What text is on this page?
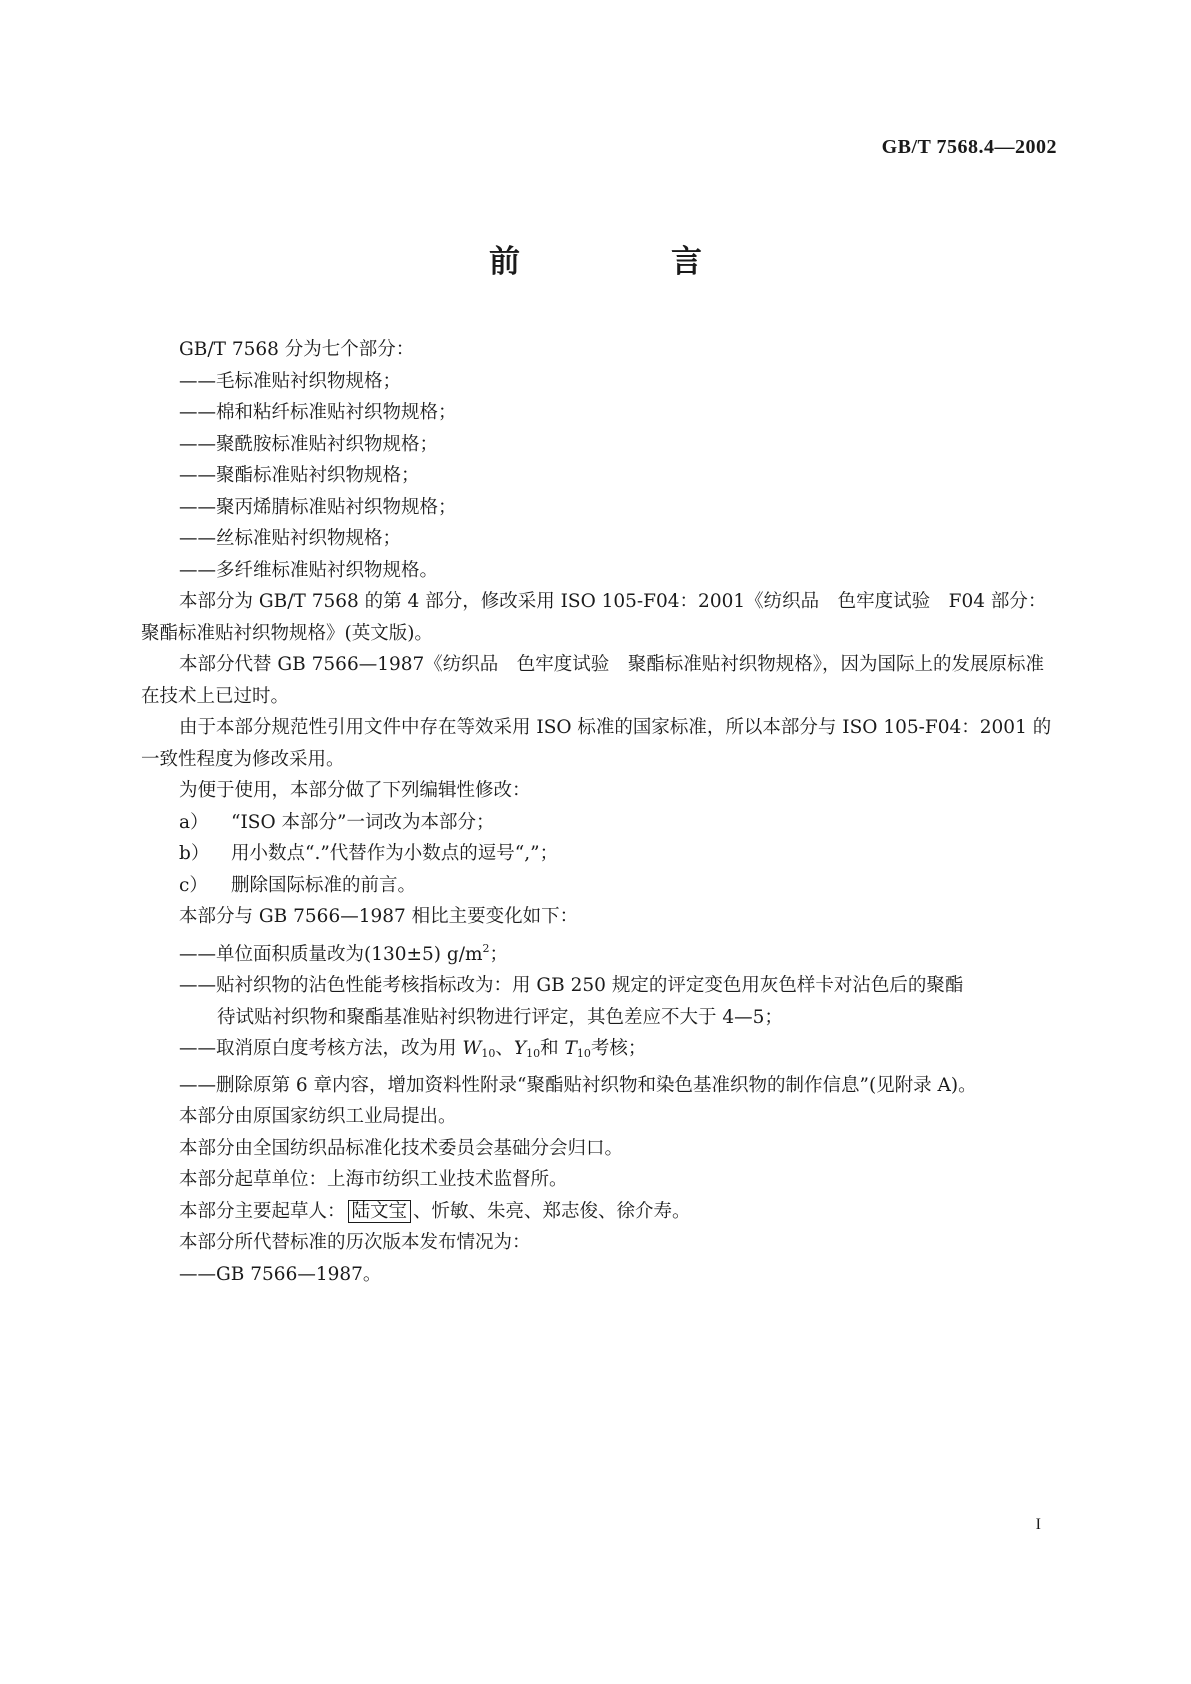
GB/T 7568.4—2002
前　言

GB/T 7568 分为七个部分：

——毛标准贴衬织物规格；

——棉和粘纤标准贴衬织物规格；

——聚酰胺标准贴衬织物规格；

——聚酯标准贴衬织物规格；

——聚丙烯腈标准贴衬织物规格；

——丝标准贴衬织物规格；

——多纤维标准贴衬织物规格。

本部分为 GB/T 7568 的第 4 部分，修改采用 ISO 105-F04：2001《纺织品　色牢度试验　F04 部分：聚酯标准贴衬织物规格》(英文版)。

本部分代替 GB 7566—1987《纺织品　色牢度试验　聚酯标准贴衬织物规格》，因为国际上的发展原标准在技术上已过时。

由于本部分规范性引用文件中存在等效采用 ISO 标准的国家标准，所以本部分与 ISO 105-F04：2001 的一致性程度为修改采用。

为便于使用，本部分做了下列编辑性修改：

a） “ISO 本部分”一词改为本部分；

b） 用小数点“.”代替作为小数点的逗号“,”；

c） 删除国际标准的前言。

本部分与 GB 7566—1987 相比主要变化如下：

——单位面积质量改为(130±5) $g/m^2$；

——贴衬织物的沾色性能考核指标改为：用 GB 250 规定的评定变色用灰色样卡对沾色后的聚酯
待试贴衬织物和聚酯基准贴衬织物进行评定，其色差应不大于 4—5；

——取消原白度考核方法，改为用 $W_{10}$、$Y_{10}$和 $T_{10}$考核；

——删除原第 6 章内容，增加资料性附录“聚酯贴衬织物和染色基准织物的制作信息”(见附录 A)。

本部分由原国家纺织工业局提出。

本部分由全国纺织品标准化技术委员会基础分会归口。

本部分起草单位：上海市纺织工业技术监督所。

本部分主要起草人： 陆文宝 、忻敏、朱亮、郑志俊、徐介寿。

本部分所代替标准的历次版本发布情况为：

——GB 7566—1987。

I
